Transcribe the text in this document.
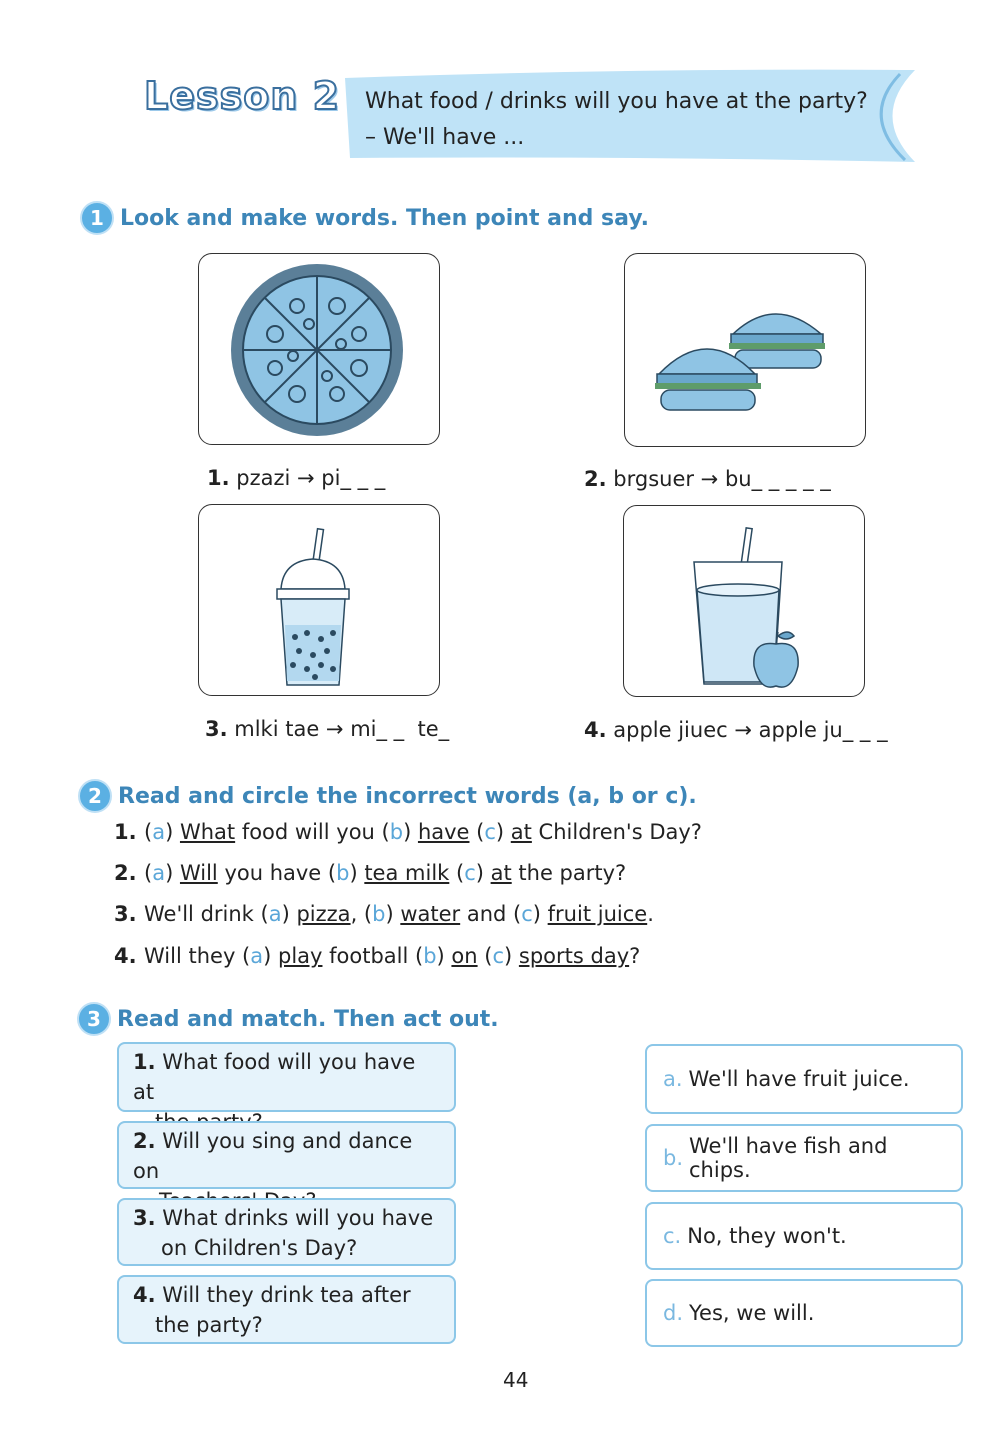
Lesson 2 What food / drinks will you have at the party?
– We'll have ...
1 Look and make words. Then point and say.
1. pzazi → pi_ _ _	2. brgsuer → bu_ _ _ _ _
3. mlki tae → mi_ _  te_	4. apple jiuec → apple ju_ _ _
2 Read and circle the incorrect words (a, b or c).
1. (a) What food will you (b) have (c) at Children's Day?
2. (a) Will you have (b) tea milk (c) at the party?
3. We'll drink (a) pizza, (b) water and (c) fruit juice.
4. Will they (a) play football (b) on (c) sports day?
3 Read and match. Then act out.
1. What food will you have at
2. Will you sing and dance on
3. What drinks will you have
on Children's Day?
4. Will they drink tea after
the party?
a. We'll have fruit juice.
b. We'll have fish and chips.
c. No, they won't.
d. Yes, we will.
44
